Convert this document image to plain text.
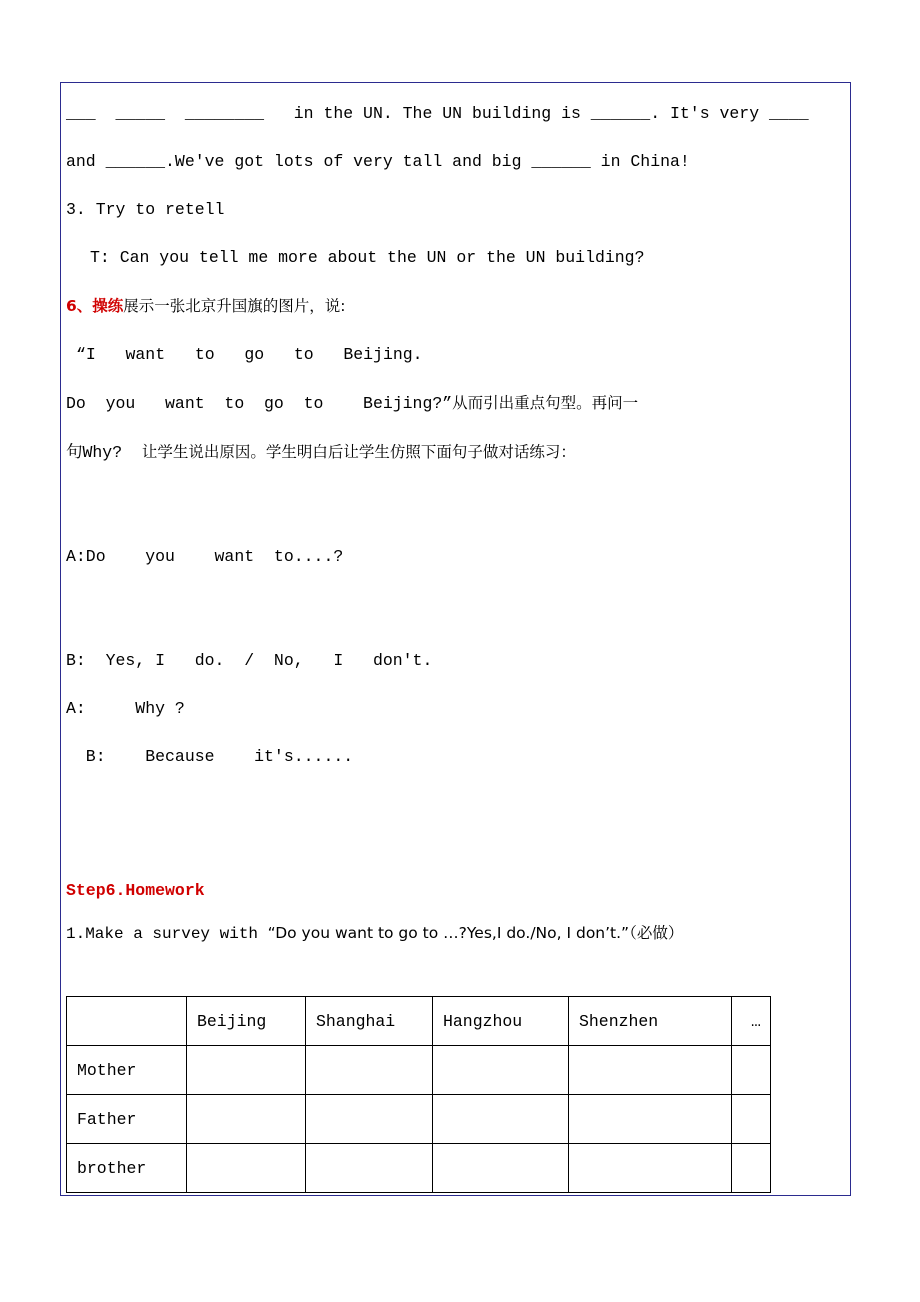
___  _____  ________   in the UN. The UN building is ______. It's very ____
and ______.We've got lots of very tall and big ______ in China!
3. Try to retell
T: Can you tell me more about the UN or the UN building?
6、操练展示一张北京升国旗的图片，说:
“I   want   to   go   to   Beijing.
Do  you   want  to  go  to    Beijing?”从而引出重点句型。再问一
句Why?  让学生说出原因。学生明白后让学生仿照下面句子做对话练习：
A:Do    you    want  to....?
B:  Yes, I   do.  /  No,   I   don't.
A:     Why ?
B:    Because    it's......
Step6.Homework
1.Make a survey with “Do you want to go to …?Yes,I do./No, I don’t.”（必做）
	Beijing	Shanghai	Hangzhou	Shenzhen	…
Mother					
Father					
brother					
